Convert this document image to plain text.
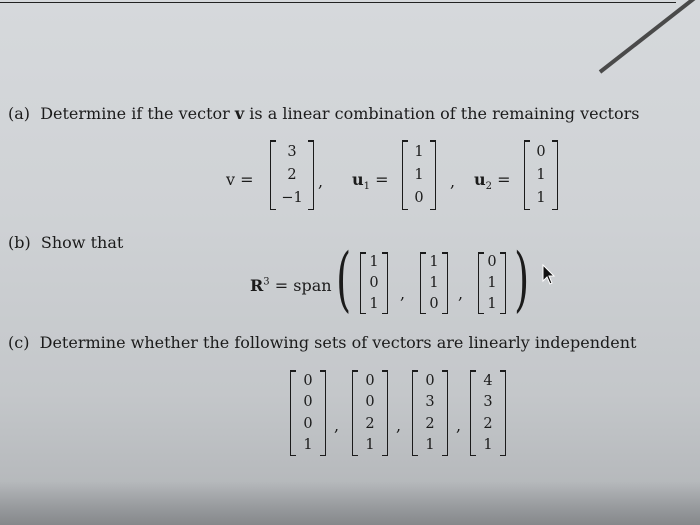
(a) Determine if the vector v is a linear combination of the remaining vectors
v =
3
2
−1
, $u_1$ =
1
1
0
, $u_2$ =
0
1
1
(b) Show that
$R^3$ = span ( 1
0
1
,
1
1
0
,
0
1
1 )
(c) Determine whether the following sets of vectors are linearly independent
0
0
0
1
,
0
0
2
1
,
0
3
2
1
,
4
3
2
1
